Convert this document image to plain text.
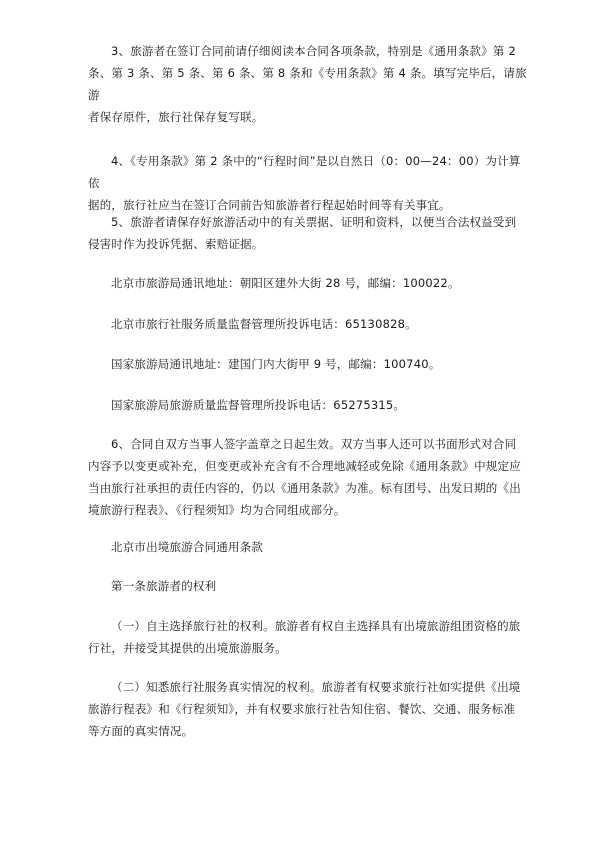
3、旅游者在签订合同前请仔细阅读本合同各项条款，特别是《通用条款》第 2
条、第 3 条、第 5 条、第 6 条、第 8 条和《专用条款》第 4 条。填写完毕后，请旅游
者保存原件，旅行社保存复写联。
4、《专用条款》第 2 条中的“行程时间”是以自然日（0：00—24：00）为计算依
据的，旅行社应当在签订合同前告知旅游者行程起始时间等有关事宜。
5、旅游者请保存好旅游活动中的有关票据、证明和资料，以便当合法权益受到
侵害时作为投诉凭据、索赔证据。
北京市旅游局通讯地址：朝阳区建外大街 28 号，邮编：100022。
北京市旅行社服务质量监督管理所投诉电话：65130828。
国家旅游局通讯地址：建国门内大街甲 9 号，邮编：100740。
国家旅游局旅游质量监督管理所投诉电话：65275315。
6、合同自双方当事人签字盖章之日起生效。双方当事人还可以书面形式对合同
内容予以变更或补充，但变更或补充含有不合理地减轻或免除《通用条款》中规定应
当由旅行社承担的责任内容的，仍以《通用条款》为准。标有团号、出发日期的《出
境旅游行程表》、《行程须知》均为合同组成部分。
北京市出境旅游合同通用条款
第一条旅游者的权利
（一）自主选择旅行社的权利。旅游者有权自主选择具有出境旅游组团资格的旅
行社，并接受其提供的出境旅游服务。
（二）知悉旅行社服务真实情况的权利。旅游者有权要求旅行社如实提供《出境
旅游行程表》和《行程须知》，并有权要求旅行社告知住宿、餐饮、交通、服务标准
等方面的真实情况。
